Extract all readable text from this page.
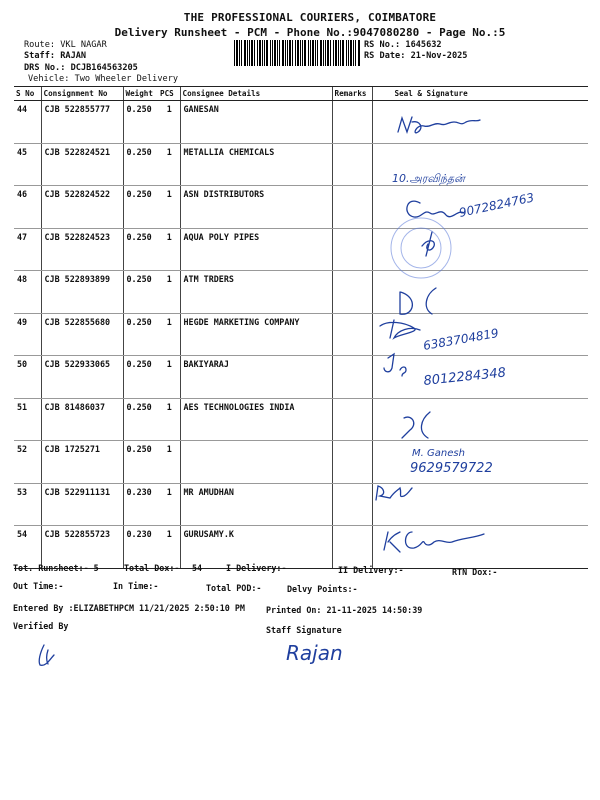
THE PROFESSIONAL COURIERS, COIMBATORE
Delivery Runsheet - PCM - Phone No.:9047080280 - Page No.:5
Route: VKL NAGAR
Staff: RAJAN
DRS No.: DCJB164563205
Vehicle: Two Wheeler Delivery
RS No.: 1645632
RS Date: 21-Nov-2025
S No	Consignment No	Weight	PCS	Consignee Details	Remarks	Seal & Signature
44	CJB 522855777	0.250	1	GANESAN		
45	CJB 522824521	0.250	1	METALLIA CHEMICALS		
46	CJB 522824522	0.250	1	ASN DISTRIBUTORS		
47	CJB 522824523	0.250	1	AQUA POLY PIPES		
48	CJB 522893899	0.250	1	ATM TRDERS		
49	CJB 522855680	0.250	1	HEGDE MARKETING COMPANY		
50	CJB 522933065	0.250	1	BAKIYARAJ		
51	CJB 81486037	0.250	1	AES TECHNOLOGIES INDIA		
52	CJB 1725271	0.250	1			
53	CJB 522911131	0.230	1	MR AMUDHAN		
54	CJB 522855723	0.230	1	GURUSAMY.K		
10.அரவிந்தன்
9072824763
6383704819
8012284348
M. Ganesh
9629579722
Rajan
Tot. Runsheet:- 5	Total Dox:- 54	I Delivery:-	II Delivery:-	RTN Dox:-
Out Time:-	In Time:-	Total POD:-	Delvy Points:-
Entered By :ELIZABETHPCM 11/21/2025 2:50:10 PM	Printed On: 21-11-2025 14:50:39
Verified By	Staff Signature
